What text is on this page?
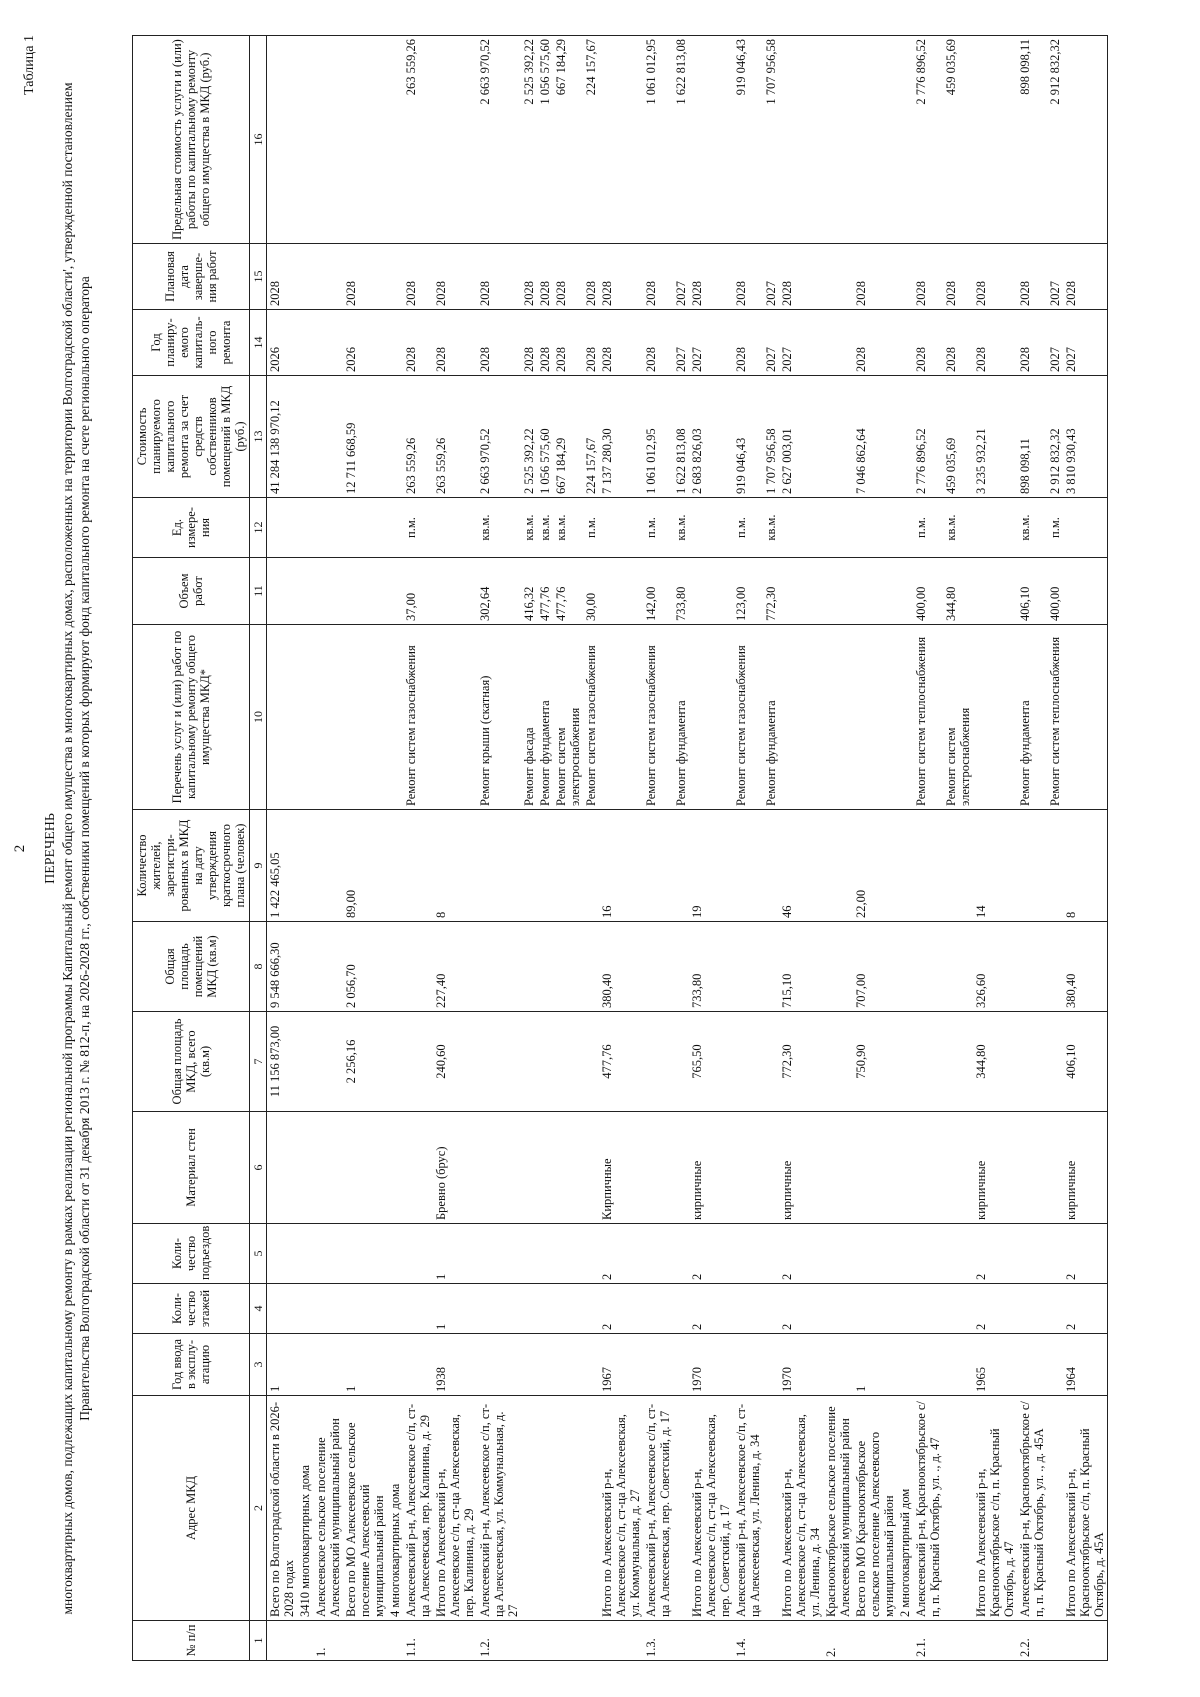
2
Таблица 1
ПЕРЕЧЕНЬ многоквартирных домов, подлежащих капитальному ремонту в рамках реализации региональной программы Капитальный ремонт общего имущества в многоквартирных домах, расположенных на территории Волгоградской области', утвержденной постановлением Правительства Волгоградской области от 31 декабря 2013 г. № 812-п, на 2026-2028 гг., собственники помещений в которых формируют фонд капитального ремонта на счете регионального оператора
№ п/п	Адрес МКД	Год ввода в эксплу-атацию	Коли-чество этажей	Коли-чество подъездов	Материал стен	Общая площадь МКД, всего (кв.м)	Общая площадь помещений МКД (кв.м)	Количество жителей, зарегистри-рованных в МКД на дату утверждения краткосрочного плана (человек)	Перечень услуг и (или) работ по капитальному ремонту общего имущества МКД*	Объем работ	Ед. измере-ния	Стоимость планируемого капитального ремонта за счет средств собственников помещений в МКД (руб.)	Год планиру-емого капиталь-ного ремонта	Плановая дата заверше-ния работ	Предельная стоимость услуги и (или) работы по капитальному ремонту общего имущества в МКД (руб.)
1	2	3	4	5	6	7	8	9	10	11	12	13	14	15	16
	Всего по Волгоградской области в 2026-2028 годах	1				11 156 873,00	9 548 666,30	1 422 465,05				41 284 138 970,12	2026	2028	
	3410 многоквартирных дома														
1.	Алексеевское сельское поселение Алексеевский муниципальный район														
	Всего по МО Алексеевское сельское поселение Алексеевский муниципальный район	1				2 256,16	2 056,70	89,00				12 711 668,59	2026	2028	
	4 многоквартирных дома														
1.1.	Алексеевский р-н, Алексеевское с/п, ст-ца Алексеевская, пер. Калинина, д. 29								Ремонт систем газоснабжения	37,00	п.м.	263 559,26	2028	2028	263 559,26
	Итого по Алексеевский р-н, Алексеевское с/п, ст-ца Алексеевская, пер. Калинина, д. 29	1938	1	1	Бревно (брус)	240,60	227,40	8				263 559,26	2028	2028	
1.2.	Алексеевский р-н, Алексеевское с/п, ст-ца Алексеевская, ул. Коммунальная, д. 27								Ремонт крыши (скатная)	302,64	кв.м.	2 663 970,52	2028	2028	2 663 970,52
									Ремонт фасада	416,32	кв.м.	2 525 392,22	2028	2028	2 525 392,22
									Ремонт фундамента	477,76	кв.м.	1 056 575,60	2028	2028	1 056 575,60
									Ремонт систем электроснабжения	477,76	кв.м.	667 184,29	2028	2028	667 184,29
									Ремонт систем газоснабжения	30,00	п.м.	224 157,67	2028	2028	224 157,67
	Итого по Алексеевский р-н, Алексеевское с/п, ст-ца Алексеевская, ул. Коммунальная, д. 27	1967	2	2	Кирпичные	477,76	380,40	16				7 137 280,30	2028	2028	
1.3.	Алексеевский р-н, Алексеевское с/п, ст-ца Алексеевская, пер. Советский, д. 17								Ремонт систем газоснабжения	142,00	п.м.	1 061 012,95	2028	2028	1 061 012,95
									Ремонт фундамента	733,80	кв.м.	1 622 813,08	2027	2027	1 622 813,08
	Итого по Алексеевский р-н, Алексеевское с/п, ст-ца Алексеевская, пер. Советский, д. 17	1970	2	2	кирпичные	765,50	733,80	19				2 683 826,03	2027	2028	
1.4.	Алексеевский р-н, Алексеевское с/п, ст-ца Алексеевская, ул. Ленина, д. 34								Ремонт систем газоснабжения	123,00	п.м.	919 046,43	2028	2028	919 046,43
									Ремонт фундамента	772,30	кв.м.	1 707 956,58	2027	2027	1 707 956,58
	Итого по Алексеевский р-н, Алексеевское с/п, ст-ца Алексеевская, ул. Ленина, д. 34	1970	2	2	кирпичные	772,30	715,10	46				2 627 003,01	2027	2028	
2.	Краснооктябрьское сельское поселение Алексеевский муниципальный район														
	Всего по МО Краснооктябрьское сельское поселение Алексеевского муниципальный район	1				750,90	707,00	22,00				7 046 862,64	2028	2028	
	2 многоквартирный дом														
2.1.	Алексеевский р-н, Краснооктябрьское с/п, п. Красный Октябрь, ул. ., д. 47								Ремонт систем теплоснабжения	400,00	п.м.	2 776 896,52	2028	2028	2 776 896,52
									Ремонт систем электроснабжения	344,80	кв.м.	459 035,69	2028	2028	459 035,69
	Итого по Алексеевский р-н, Краснооктябрьское с/п, п. Красный Октябрь, д. 47	1965	2	2	кирпичные	344,80	326,60	14				3 235 932,21	2028	2028	
2.2.	Алексеевский р-н, Краснооктябрьское с/п, п. Красный Октябрь, ул. ., д. 45А								Ремонт фундамента	406,10	кв.м.	898 098,11	2028	2028	898 098,11
									Ремонт систем теплоснабжения	400,00	п.м.	2 912 832,32	2027	2027	2 912 832,32
	Итого по Алексеевский р-н, Краснооктябрьское с/п, п. Красный Октябрь, д. 45А	1964	2	2	кирпичные	406,10	380,40	8				3 810 930,43	2027	2028	
